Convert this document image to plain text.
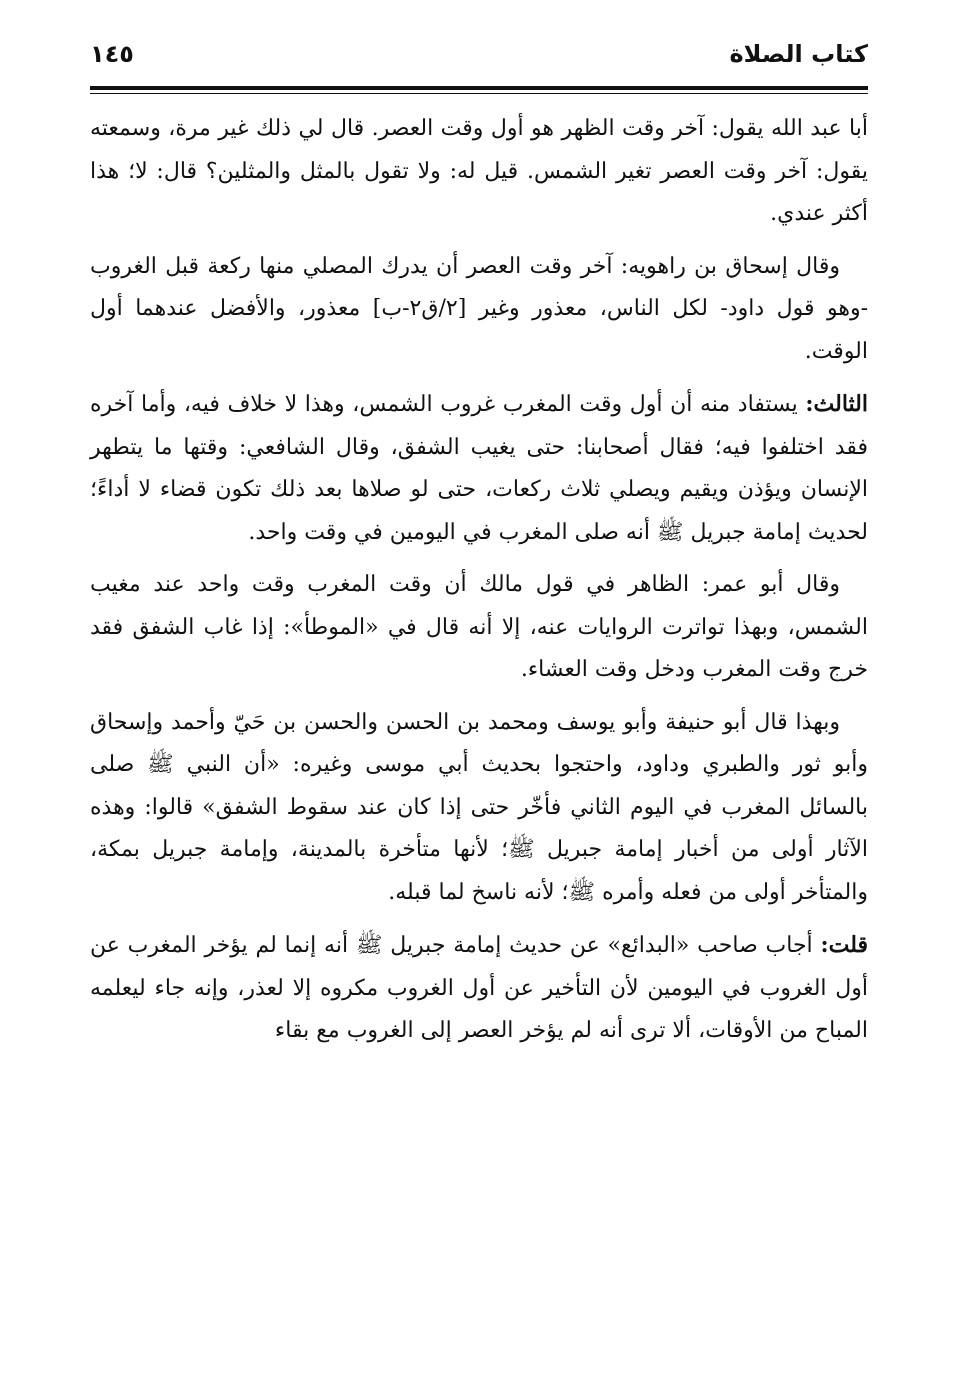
كتاب الصلاة
١٤٥

أبا عبد الله يقول: آخر وقت الظهر هو أول وقت العصر. قال لي ذلك غير مرة، وسمعته يقول: آخر وقت العصر تغير الشمس. قيل له: ولا تقول بالمثل والمثلين؟ قال: لا؛ هذا أكثر عندي.

وقال إسحاق بن راهويه: آخر وقت العصر أن يدرك المصلي منها ركعة قبل الغروب -وهو قول داود- لكل الناس، معذور وغير [٢/ق٢-ب] معذور، والأفضل عندهما أول الوقت.

الثالث: يستفاد منه أن أول وقت المغرب غروب الشمس، وهذا لا خلاف فيه، وأما آخره فقد اختلفوا فيه؛ فقال أصحابنا: حتى يغيب الشفق، وقال الشافعي: وقتها ما يتطهر الإنسان ويؤذن ويقيم ويصلي ثلاث ركعات، حتى لو صلاها بعد ذلك تكون قضاء لا أداءً؛ لحديث إمامة جبريل ﷺ أنه صلى المغرب في اليومين في وقت واحد.

وقال أبو عمر: الظاهر في قول مالك أن وقت المغرب وقت واحد عند مغيب الشمس، وبهذا تواترت الروايات عنه، إلا أنه قال في «الموطأ»: إذا غاب الشفق فقد خرج وقت المغرب ودخل وقت العشاء.

وبهذا قال أبو حنيفة وأبو يوسف ومحمد بن الحسن والحسن بن حَيّ وأحمد وإسحاق وأبو ثور والطبري وداود، واحتجوا بحديث أبي موسى وغيره: «أن النبي ﷺ صلى بالسائل المغرب في اليوم الثاني فأخّر حتى إذا كان عند سقوط الشفق» قالوا: وهذه الآثار أولى من أخبار إمامة جبريل ﷺ؛ لأنها متأخرة بالمدينة، وإمامة جبريل بمكة، والمتأخر أولى من فعله وأمره ﷺ؛ لأنه ناسخ لما قبله.

قلت: أجاب صاحب «البدائع» عن حديث إمامة جبريل ﷺ أنه إنما لم يؤخر المغرب عن أول الغروب في اليومين لأن التأخير عن أول الغروب مكروه إلا لعذر، وإنه جاء ليعلمه المباح من الأوقات، ألا ترى أنه لم يؤخر العصر إلى الغروب مع بقاء
